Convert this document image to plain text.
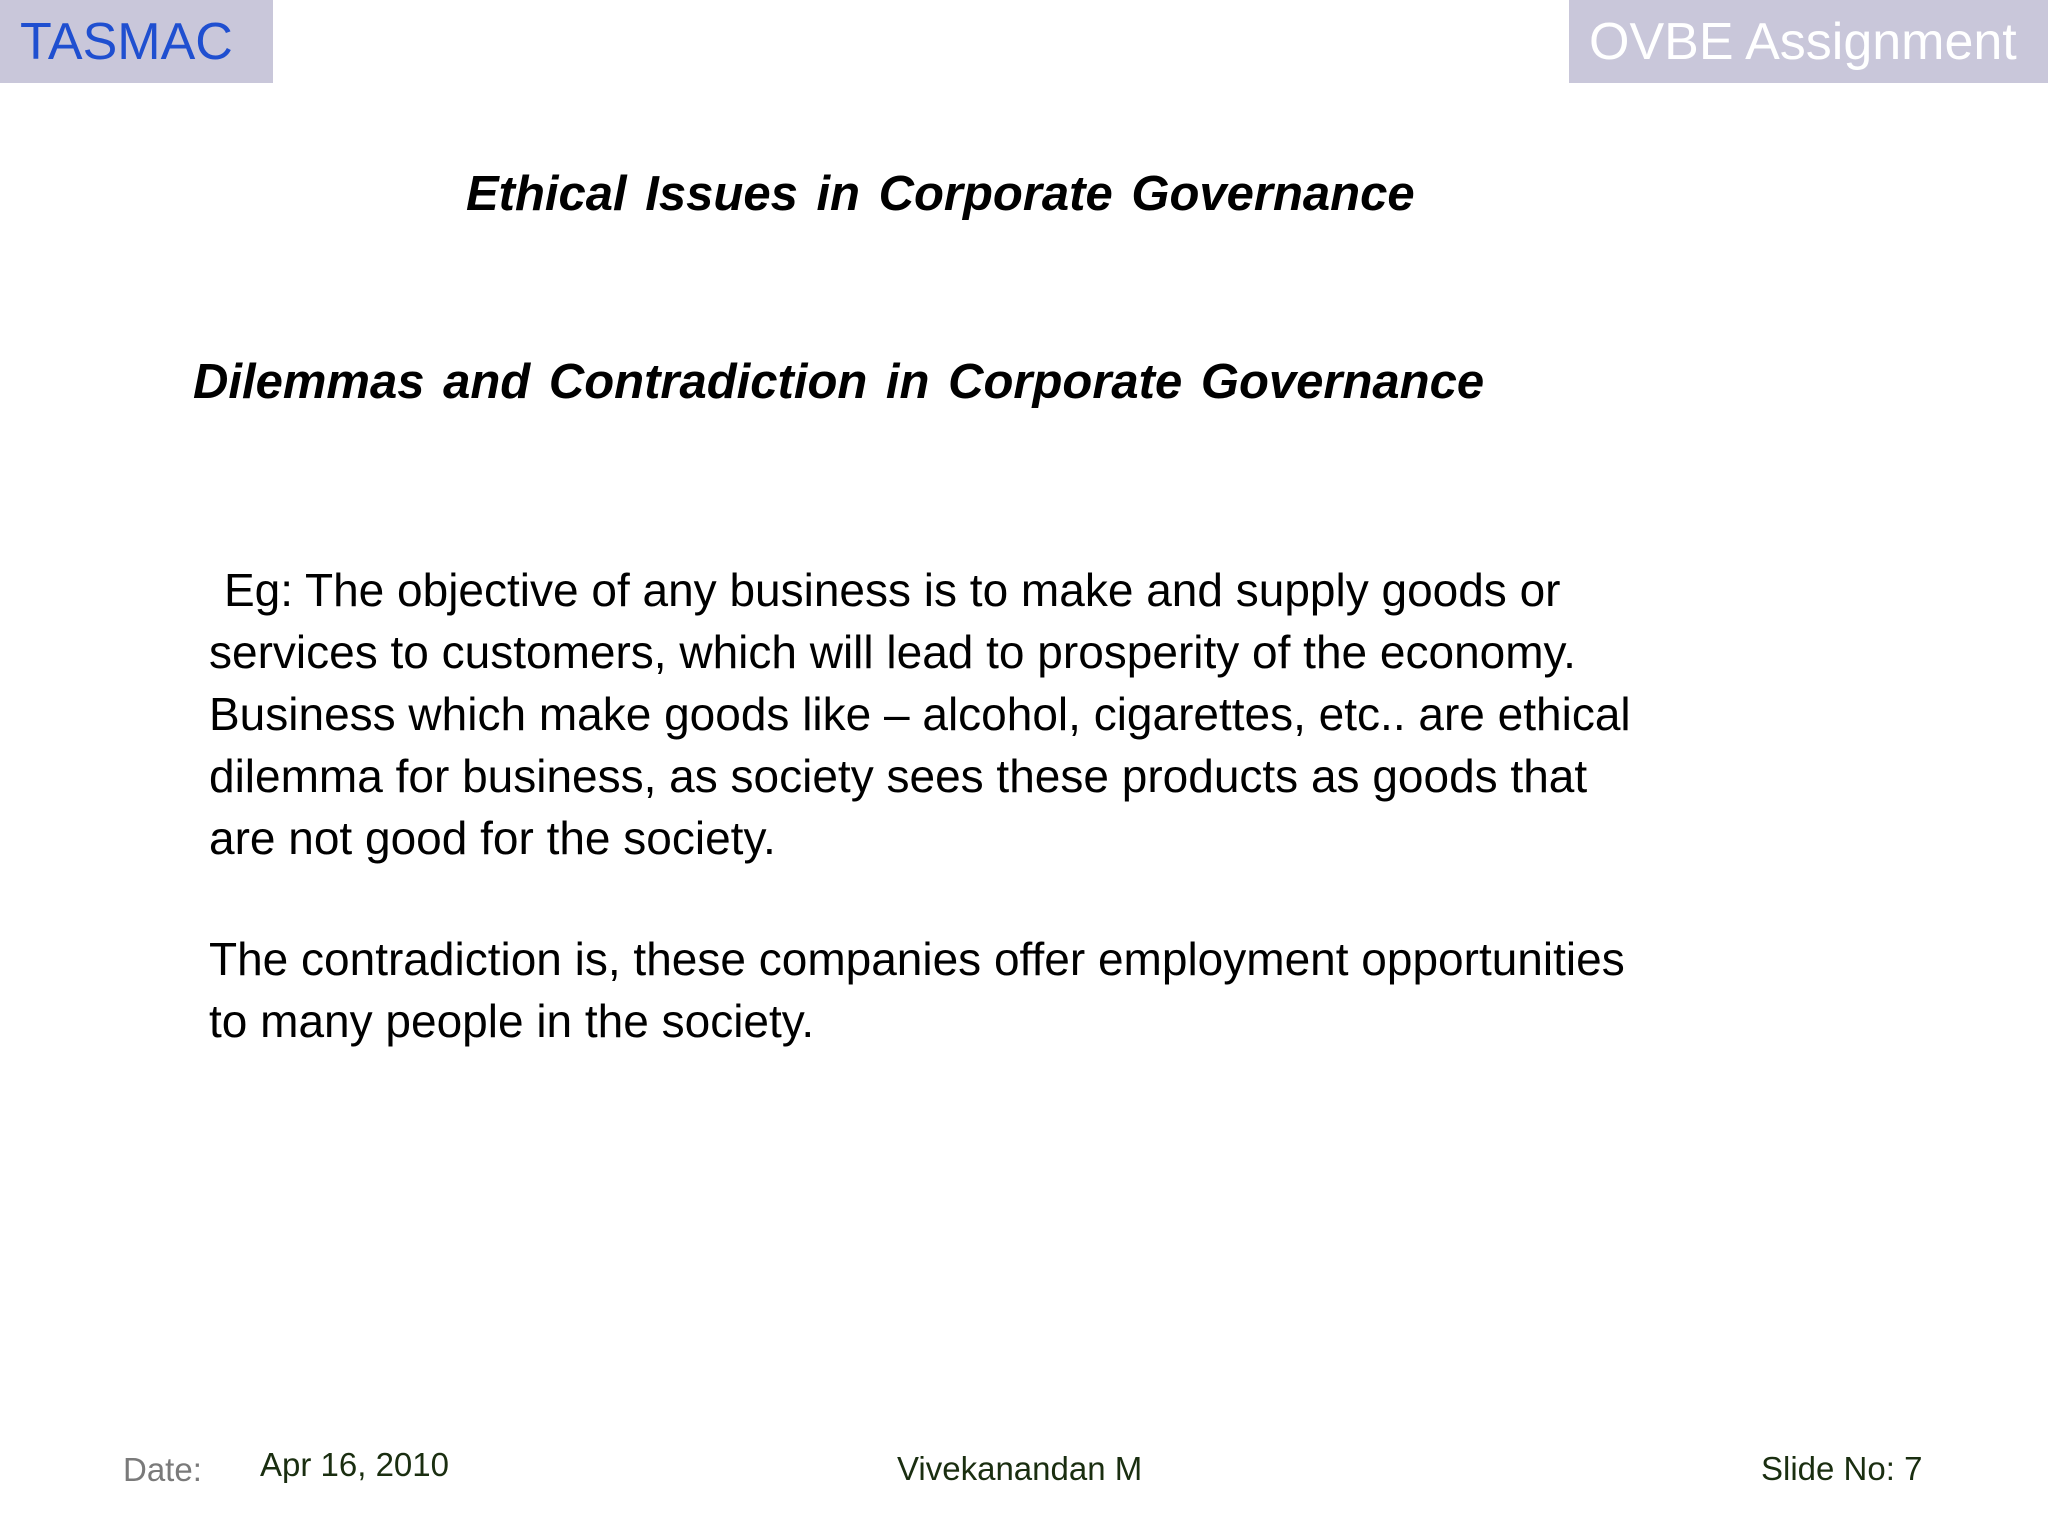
TASMAC	OVBE Assignment
Ethical Issues in Corporate Governance
Dilemmas and Contradiction in Corporate Governance
Eg: The objective of any business is to make and supply goods or
services to customers, which will lead to prosperity of the economy.
Business which make goods like – alcohol, cigarettes, etc.. are ethical
dilemma for business, as society sees these products as goods that
are not good for the society.
The contradiction is, these companies offer employment opportunities
to many people in the society.
Date: Apr 16, 2010	Vivekanandan M	Slide No: 7
